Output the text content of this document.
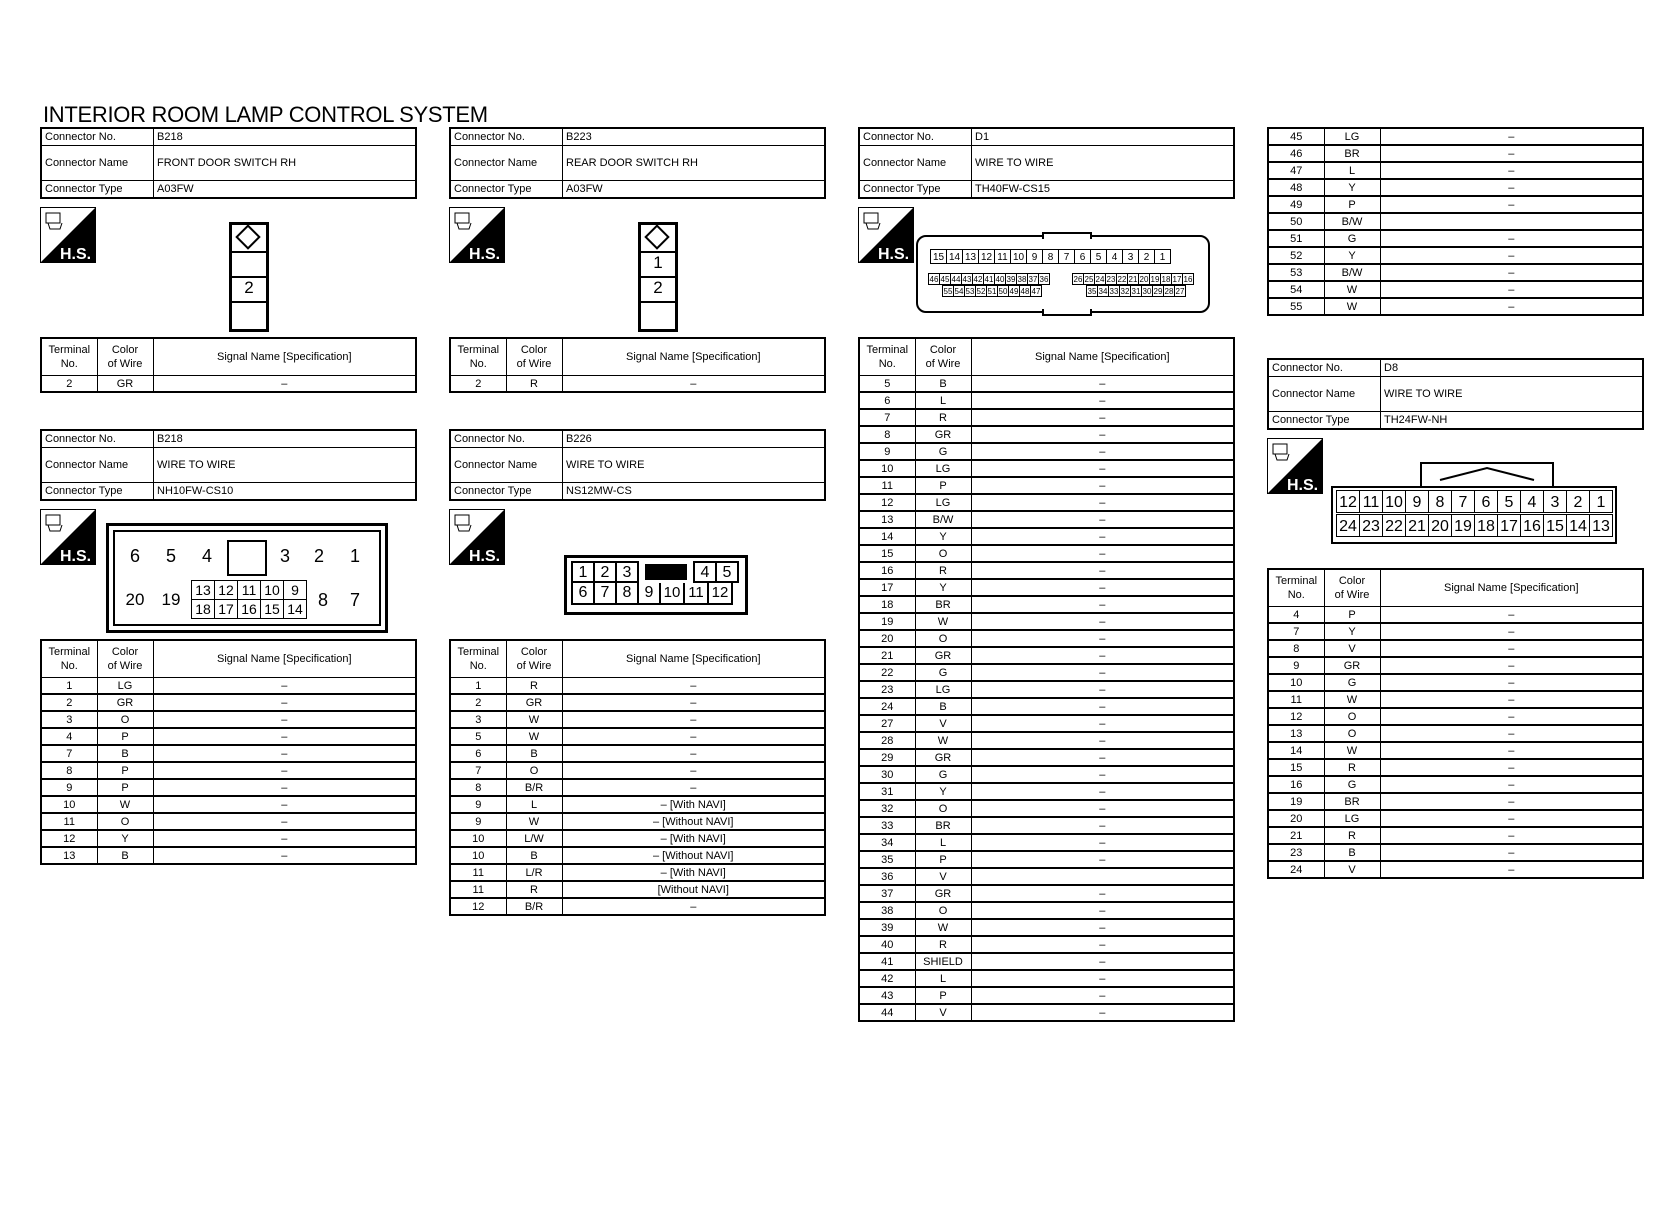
INTERIOR ROOM LAMP CONTROL SYSTEM
Connector No.	B218
Connector Name	FRONT DOOR SWITCH RH
Connector Type	A03FW
H.S.
2
Terminal
No.	Color
of Wire	Signal Name [Specification]
2	GR	–
Connector No.	B223
Connector Name	REAR DOOR SWITCH RH
Connector Type	A03FW
H.S.	1
2
Terminal
No.	Color
of Wire	Signal Name [Specification]
2	R	–
Connector No.	B218
Connector Name	WIRE TO WIRE
Connector Type	NH10FW-CS10
H.S.	6	5	4	3	2	1
20	19	13	12	11	10	9
18	17	16	15	14 8	7
Terminal
No.	Color
of Wire	Signal Name [Specification]
1	LG	–
2	GR	–
3	O	–
4	P	–
7	B	–
8	P	–
9	P	–
10	W	–
11	O	–
12	Y	–
13	B	–
Connector No.	B226
Connector Name	WIRE TO WIRE
Connector Type	NS12MW-CS
H.S.
1 2 3	4 5
6 7 8 9 10 11 12
Terminal
No.	Color
of Wire	Signal Name [Specification]
1	R	–
2	GR	–
3	W	–
5	W	–
6	B	–
7	O	–
8	B/R	–
9	L	– [With NAVI]
9	W	– [Without NAVI]
10	L/W	– [With NAVI]
10	B	– [Without NAVI]
11	L/R	– [With NAVI]
11	R	[Without NAVI]
12	B/R	–
Connector No.	D1
Connector Name	WIRE TO WIRE
Connector Type	TH40FW-CS15
H.S. 15 14 13 12 11 10 9	8	7	6	5	4	3	2	1
46 45 44 43 42 41 40 39 38 37 36
55 54 53 52 51 50 49 48 47
26 25 24 23 22 21 20 19 18 17 16
35 34 33 32 31 30 29 28 27
Terminal
No.	Color
of Wire	Signal Name [Specification]
5	B	–
6	L	–
7	R	–
8	GR	–
9	G	–
10	LG	–
11	P	–
12	LG	–
13	B/W	–
14	Y	–
15	O	–
16	R	–
17	Y	–
18	BR	–
19	W	–
20	O	–
21	GR	–
22	G	–
23	LG	–
24	B	–
27	V	–
28	W	–
29	GR	–
30	G	–
31	Y	–
32	O	–
33	BR	–
34	L	–
35	P	–
36	V	
37	GR	–
38	O	–
39	W	–
40	R	–
41	SHIELD	–
42	L	–
43	P	–
44	V	–
45	LG	–
46	BR	–
47	L	–
48	Y	–
49	P	–
50	B/W	
51	G	–
52	Y	–
53	B/W	–
54	W	–
55	W	–
Connector No.	D8
Connector Name	WIRE TO WIRE
Connector Type	TH24FW-NH
H.S.
12 11 10 9 8 7 6 5 4 3 2 1
24 23 22 21 20 19 18 17 16 15 14 13
Terminal
No.	Color
of Wire	Signal Name [Specification]
4	P	–
7	Y	–
8	V	–
9	GR	–
10	G	–
11	W	–
12	O	–
13	O	–
14	W	–
15	R	–
16	G	–
19	BR	–
20	LG	–
21	R	–
23	B	–
24	V	–
